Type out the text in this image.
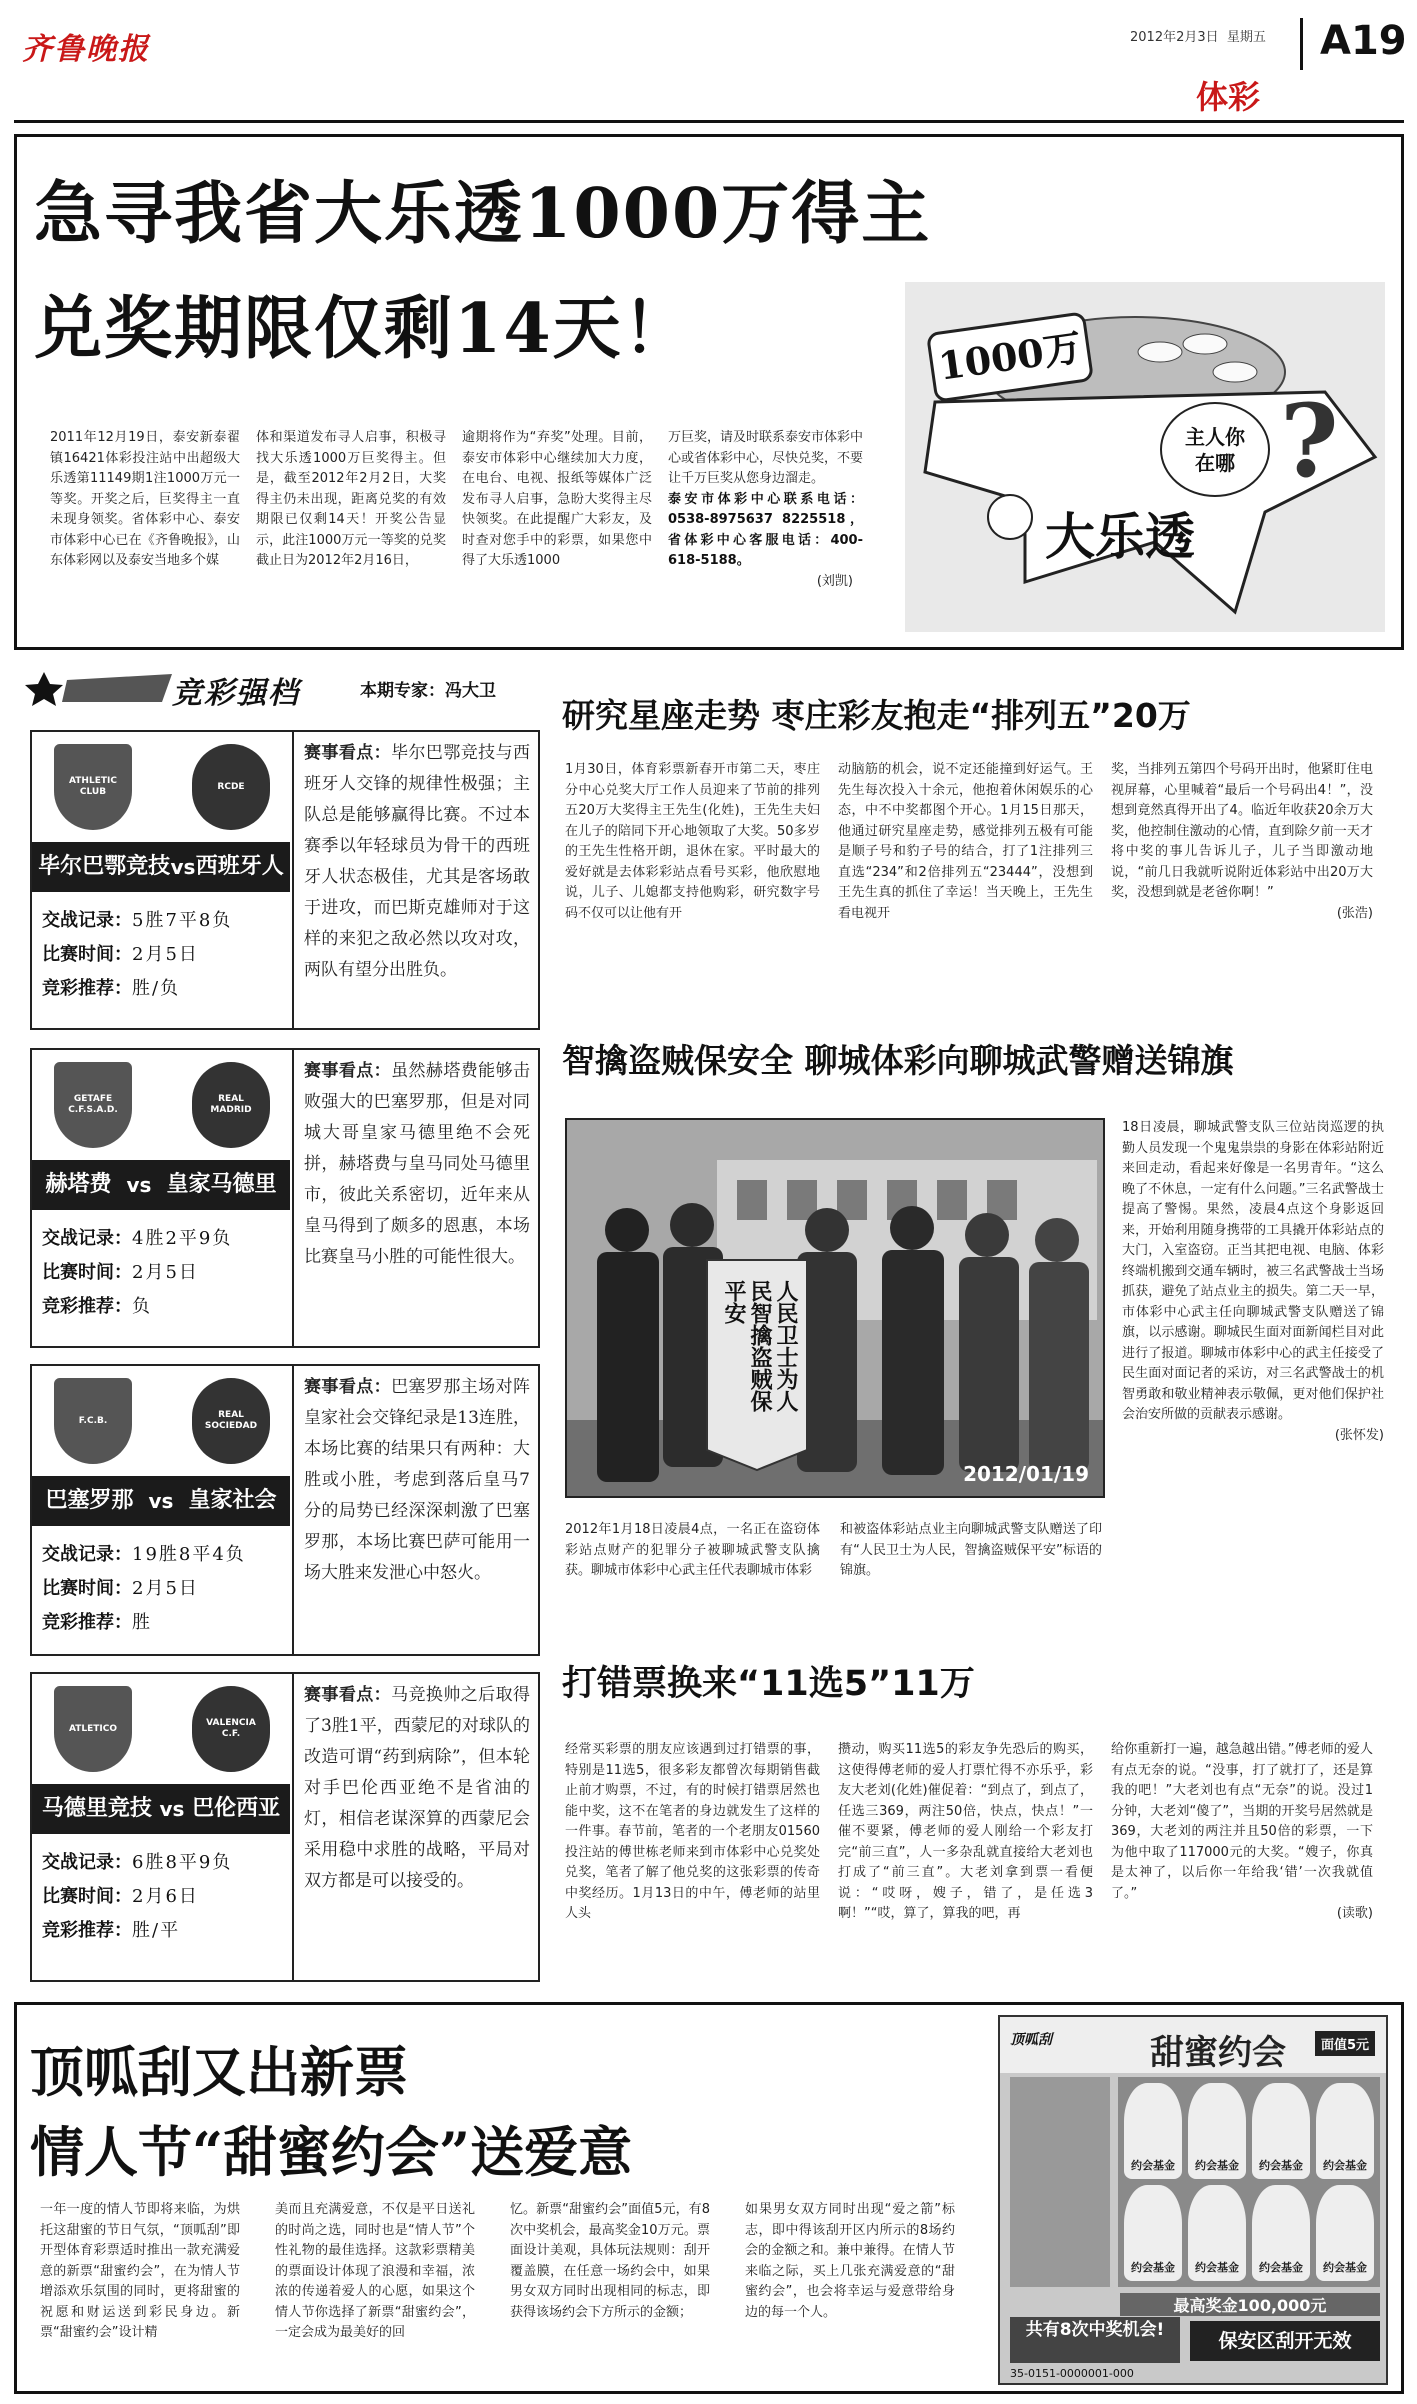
齐鲁晚报	2012年2月3日 星期五 A19
体彩
急寻我省大乐透1000万得主
兑奖期限仅剩14天！
2011年12月19日，泰安新泰翟镇16421体彩投注站中出超级大乐透第11149期1注1000万元一等奖。开奖之后，巨奖得主一直未现身领奖。省体彩中心、泰安市体彩中心已在《齐鲁晚报》，山东体彩网以及泰安当地多个媒
体和渠道发布寻人启事，积极寻找大乐透1000万巨奖得主。但是，截至2012年2月2日，大奖得主仍未出现，距离兑奖的有效期限已仅剩14天！开奖公告显示，此注1000万元一等奖的兑奖截止日为2012年2月16日，
逾期将作为“弃奖”处理。目前，泰安市体彩中心继续加大力度，在电台、电视、报纸等媒体广泛发布寻人启事，急盼大奖得主尽快领奖。在此提醒广大彩友，及时查对您手中的彩票，如果您中得了大乐透1000
万巨奖，请及时联系泰安市体彩中心或省体彩中心，尽快兑奖，不要让千万巨奖从您身边溜走。
泰安市体彩中心联系电话：0538-8975637 8225518，省体彩中心客服电话：400-618-5188。
(刘凯)
1000万
主人你在哪 ?
大乐透
竞彩强档	本期专家：冯大卫
ATHLETIC CLUB
RCDE
毕尔巴鄂竞技 vs 西班牙人
交战记录：5胜7平8负
比赛时间：2月5日
竞彩推荐：胜/负
赛事看点：毕尔巴鄂竞技与西班牙人交锋的规律性极强；主队总是能够赢得比赛。不过本赛季以年轻球员为骨干的西班牙人状态极佳，尤其是客场敢于进攻，而巴斯克雄师对于这样的来犯之敌必然以攻对攻，两队有望分出胜负。
GETAFE C.F.S.A.D.
REAL MADRID
赫塔费 vs 皇家马德里
交战记录：4胜2平9负
比赛时间：2月5日
竞彩推荐：负
赛事看点：虽然赫塔费能够击败强大的巴塞罗那，但是对同城大哥皇家马德里绝不会死拼，赫塔费与皇马同处马德里市，彼此关系密切，近年来从皇马得到了颇多的恩惠，本场比赛皇马小胜的可能性很大。
F.C.B.
REAL SOCIEDAD
巴塞罗那 vs 皇家社会
交战记录：19胜8平4负
比赛时间：2月5日
竞彩推荐：胜
赛事看点：巴塞罗那主场对阵皇家社会交锋纪录是13连胜，本场比赛的结果只有两种：大胜或小胜，考虑到落后皇马7分的局势已经深深刺激了巴塞罗那，本场比赛巴萨可能用一场大胜来发泄心中怒火。
ATLETICO
VALENCIA C.F.
马德里竞技 vs 巴伦西亚
交战记录：6胜8平9负
比赛时间：2月6日
竞彩推荐：胜/平
赛事看点：马竞换帅之后取得了3胜1平，西蒙尼的对球队的改造可谓“药到病除”，但本轮对手巴伦西亚绝不是省油的灯，相信老谋深算的西蒙尼会采用稳中求胜的战略，平局对双方都是可以接受的。
研究星座走势 枣庄彩友抱走“排列五”20万
1月30日，体育彩票新春开市第二天，枣庄分中心兑奖大厅工作人员迎来了节前的排列五20万大奖得主王先生(化姓)，王先生夫妇在儿子的陪同下开心地领取了大奖。50多岁的王先生性格开朗，退休在家。平时最大的爱好就是去体彩彩站点看号买彩，他欣慰地说，儿子、儿媳都支持他购彩，研究数字号码不仅可以让他有开
动脑筋的机会，说不定还能撞到好运气。王先生每次投入十余元，他抱着休闲娱乐的心态，中不中奖都图个开心。1月15日那天，他通过研究星座走势，感觉排列五极有可能是顺子号和豹子号的结合，打了1注排列三直选“234”和2倍排列五“23444”，没想到王先生真的抓住了幸运！当天晚上，王先生看电视开
奖，当排列五第四个号码开出时，他紧盯住电视屏幕，心里喊着“最后一个号码出4！”，没想到竟然真得开出了4。临近年收获20余万大奖，他控制住激动的心情，直到除夕前一天才将中奖的事儿告诉儿子，儿子当即激动地说，“前几日我就听说附近体彩站中出20万大奖，没想到就是老爸你啊！”
(张浩)
智擒盗贼保安全 聊城体彩向聊城武警赠送锦旗
人民卫士为人民智擒盗贼保平安
2012/01/19
2012年1月18日凌晨4点，一名正在盗窃体彩站点财产的犯罪分子被聊城武警支队擒获。聊城市体彩中心武主任代表聊城市体彩
和被盗体彩站点业主向聊城武警支队赠送了印有“人民卫士为人民，智擒盗贼保平安”标语的锦旗。
18日凌晨，聊城武警支队三位站岗巡逻的执勤人员发现一个鬼鬼祟祟的身影在体彩站附近来回走动，看起来好像是一名男青年。“这么晚了不休息，一定有什么问题。”三名武警战士提高了警惕。果然，凌晨4点这个身影返回来，开始利用随身携带的工具撬开体彩站点的大门，入室盗窃。正当其把电视、电脑、体彩终端机搬到交通车辆时，被三名武警战士当场抓获，避免了站点业主的损失。第二天一早，市体彩中心武主任向聊城武警支队赠送了锦旗，以示感谢。聊城民生面对面新闻栏目对此进行了报道。聊城市体彩中心的武主任接受了民生面对面记者的采访，对三名武警战士的机智勇敢和敬业精神表示敬佩，更对他们保护社会治安所做的贡献表示感谢。
(张怀发)
打错票换来“11选5”11万
经常买彩票的朋友应该遇到过打错票的事，特别是11选5，很多彩友都曾次每期销售截止前才购票，不过，有的时候打错票居然也能中奖，这不在笔者的身边就发生了这样的一件事。春节前，笔者的一个老朋友01560投注站的傅世栋老师来到市体彩中心兑奖处兑奖，笔者了解了他兑奖的这张彩票的传奇中奖经历。1月13日的中午，傅老师的站里人头
攒动，购买11选5的彩友争先恐后的购买，这使得傅老师的爱人打票忙得不亦乐乎，彩友大老刘(化姓)催促着：“到点了，到点了，任选三369，两注50倍，快点，快点！”一催不要紧，傅老师的爱人刚给一个彩友打完“前三直”，人一多杂乱就直接给大老刘也打成了“前三直”。大老刘拿到票一看便说：“哎呀，嫂子，错了，是任选3啊！”“哎，算了，算我的吧，再
给你重新打一遍，越急越出错。”傅老师的爱人有点无奈的说。“没事，打了就打了，还是算我的吧！”大老刘也有点“无奈”的说。没过1分钟，大老刘“傻了”，当期的开奖号居然就是369，大老刘的两注并且50倍的彩票，一下为他中取了117000元的大奖。“嫂子，你真是太神了，以后你一年给我‘错’一次我就值了。”
(读歌)
顶呱刮又出新票
情人节“甜蜜约会”送爱意
一年一度的情人节即将来临，为烘托这甜蜜的节日气氛，“顶呱刮”即开型体育彩票适时推出一款充满爱意的新票“甜蜜约会”，在为情人节增添欢乐氛围的同时，更将甜蜜的祝愿和财运送到彩民身边。新票“甜蜜约会”设计精
美而且充满爱意，不仅是平日送礼的时尚之选，同时也是“情人节”个性礼物的最佳选择。这款彩票精美的票面设计体现了浪漫和幸福，浓浓的传递着爱人的心愿，如果这个情人节你选择了新票“甜蜜约会”，一定会成为最美好的回
忆。新票“甜蜜约会”面值5元，有8次中奖机会，最高奖金10万元。票面设计美观，具体玩法规则：刮开覆盖膜，在任意一场约会中，如果男女双方同时出现相同的标志，即获得该场约会下方所示的金额；
如果男女双方同时出现“爱之箭”标志，即中得该刮开区内所示的8场约会的金额之和。兼中兼得。在情人节来临之际，买上几张充满爱意的“甜蜜约会”，也会将幸运与爱意带给身边的每一个人。
顶呱刮	甜蜜约会	面值5元
约会基金	约会基金	约会基金	约会基金
约会基金	约会基金	约会基金	约会基金
最高奖金100,000元
共有8次中奖机会!	保安区刮开无效
35-0151-0000001-000
